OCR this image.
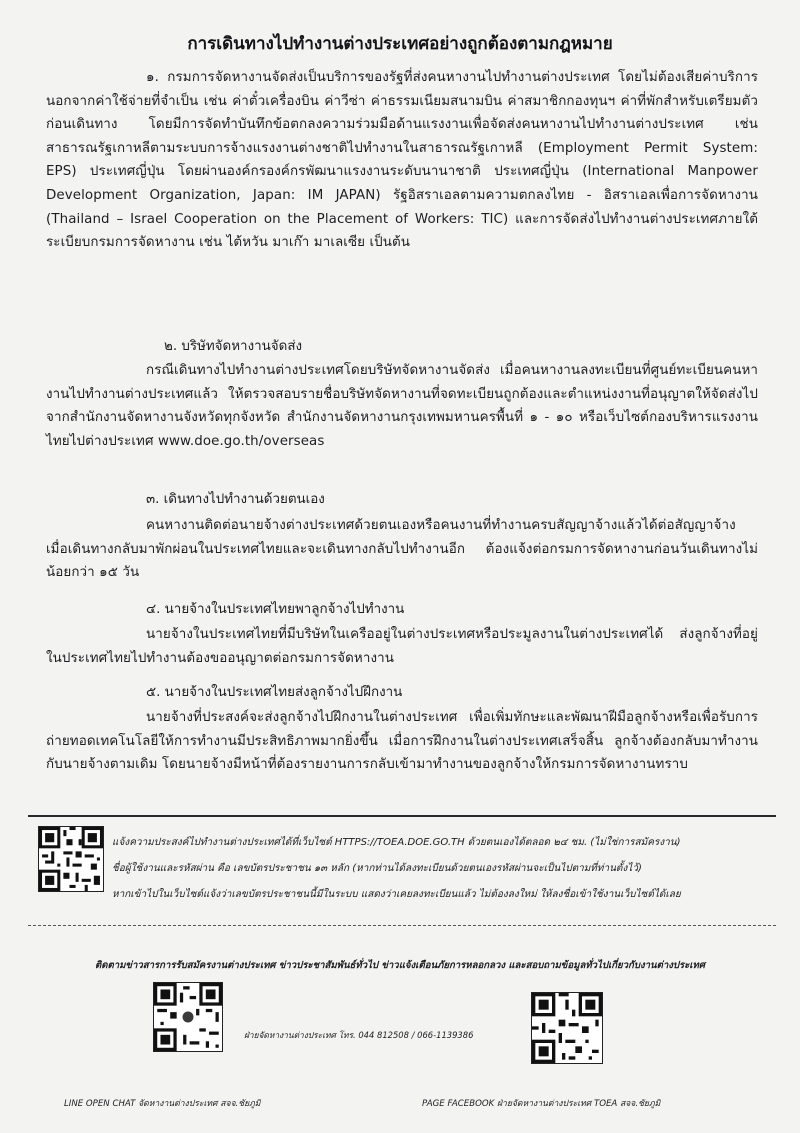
การเดินทางไปทำงานต่างประเทศอย่างถูกต้องตามกฎหมาย
๑. กรมการจัดหางานจัดส่งเป็นบริการของรัฐที่ส่งคนหางานไปทำงานต่างประเทศ โดยไม่ต้องเสียค่าบริการ นอกจากค่าใช้จ่ายที่จำเป็น เช่น ค่าตั๋วเครื่องบิน ค่าวีซ่า ค่าธรรมเนียมสนามบิน ค่าสมาชิกกองทุนฯ ค่าที่พักสำหรับเตรียมตัวก่อนเดินทาง โดยมีการจัดทำบันทึกข้อตกลงความร่วมมือด้านแรงงานเพื่อจัดส่งคนหางานไปทำงานต่างประเทศ เช่น สาธารณรัฐเกาหลีตามระบบการจ้างแรงงานต่างชาติไปทำงานในสาธารณรัฐเกาหลี (Employment Permit System: EPS) ประเทศญี่ปุ่น โดยผ่านองค์กรองค์กรพัฒนาแรงงานระดับนานาชาติ ประเทศญี่ปุ่น (International Manpower Development Organization, Japan: IM JAPAN) รัฐอิสราเอลตามความตกลงไทย - อิสราเอลเพื่อการจัดหางาน (Thailand – Israel Cooperation on the Placement of Workers: TIC) และการจัดส่งไปทำงานต่างประเทศภายใต้ระเบียบกรมการจัดหางาน เช่น ไต้หวัน มาเก๊า มาเลเซีย เป็นต้น
๒. บริษัทจัดหางานจัดส่ง
กรณีเดินทางไปทำงานต่างประเทศโดยบริษัทจัดหางานจัดส่ง เมื่อคนหางานลงทะเบียนที่ศูนย์ทะเบียนคนหางานไปทำงานต่างประเทศแล้ว ให้ตรวจสอบรายชื่อบริษัทจัดหางานที่จดทะเบียนถูกต้องและตำแหน่งงานที่อนุญาตให้จัดส่งไป จากสำนักงานจัดหางานจังหวัดทุกจังหวัด สำนักงานจัดหางานกรุงเทพมหานครพื้นที่ ๑ - ๑๐ หรือเว็บไซต์กองบริหารแรงงานไทยไปต่างประเทศ www.doe.go.th/overseas
๓. เดินทางไปทำงานด้วยตนเอง
คนหางานติดต่อนายจ้างต่างประเทศด้วยตนเองหรือคนงานที่ทำงานครบสัญญาจ้างแล้วได้ต่อสัญญาจ้าง เมื่อเดินทางกลับมาพักผ่อนในประเทศไทยและจะเดินทางกลับไปทำงานอีก ต้องแจ้งต่อกรมการจัดหางานก่อนวันเดินทางไม่น้อยกว่า ๑๕ วัน
๔. นายจ้างในประเทศไทยพาลูกจ้างไปทำงาน
นายจ้างในประเทศไทยที่มีบริษัทในเครืออยู่ในต่างประเทศหรือประมูลงานในต่างประเทศได้ ส่งลูกจ้างที่อยู่ในประเทศไทยไปทำงานต้องขออนุญาตต่อกรมการจัดหางาน
๕. นายจ้างในประเทศไทยส่งลูกจ้างไปฝึกงาน
นายจ้างที่ประสงค์จะส่งลูกจ้างไปฝึกงานในต่างประเทศ เพื่อเพิ่มทักษะและพัฒนาฝีมือลูกจ้างหรือเพื่อรับการถ่ายทอดเทคโนโลยีให้การทำงานมีประสิทธิภาพมากยิ่งขึ้น เมื่อการฝึกงานในต่างประเทศเสร็จสิ้น ลูกจ้างต้องกลับมาทำงานกับนายจ้างตามเดิม โดยนายจ้างมีหน้าที่ต้องรายงานการกลับเข้ามาทำงานของลูกจ้างให้กรมการจัดหางานทราบ
แจ้งความประสงค์ไปทำงานต่างประเทศได้ที่เว็บไซต์ HTTPS://TOEA.DOE.GO.TH ด้วยตนเองได้ตลอด ๒๔ ชม. (ไม่ใช่การสมัครงาน)
ชื่อผู้ใช้งานและรหัสผ่าน คือ เลขบัตรประชาชน ๑๓ หลัก (หากท่านได้ลงทะเบียนด้วยตนเองรหัสผ่านจะเป็นไปตามที่ท่านตั้งไว้)
หากเข้าไปในเว็บไซต์แจ้งว่าเลขบัตรประชาชนนี้มีในระบบ แสดงว่าเคยลงทะเบียนแล้ว ไม่ต้องลงใหม่ ให้ลงชื่อเข้าใช้งานเว็บไซต์ได้เลย
ติดตามข่าวสารการรับสมัครงานต่างประเทศ ข่าวประชาสัมพันธ์ทั่วไป ข่าวแจ้งเตือนภัยการหลอกลวง และสอบถามข้อมูลทั่วไปเกี่ยวกับงานต่างประเทศ
ฝ่ายจัดหางานต่างประเทศ โทร. 044 812508 / 066-1139386
LINE OPEN CHAT จัดหางานต่างประเทศ สจจ.ชัยภูมิ	PAGE FACEBOOK ฝ่ายจัดหางานต่างประเทศ TOEA สจจ.ชัยภูมิ
